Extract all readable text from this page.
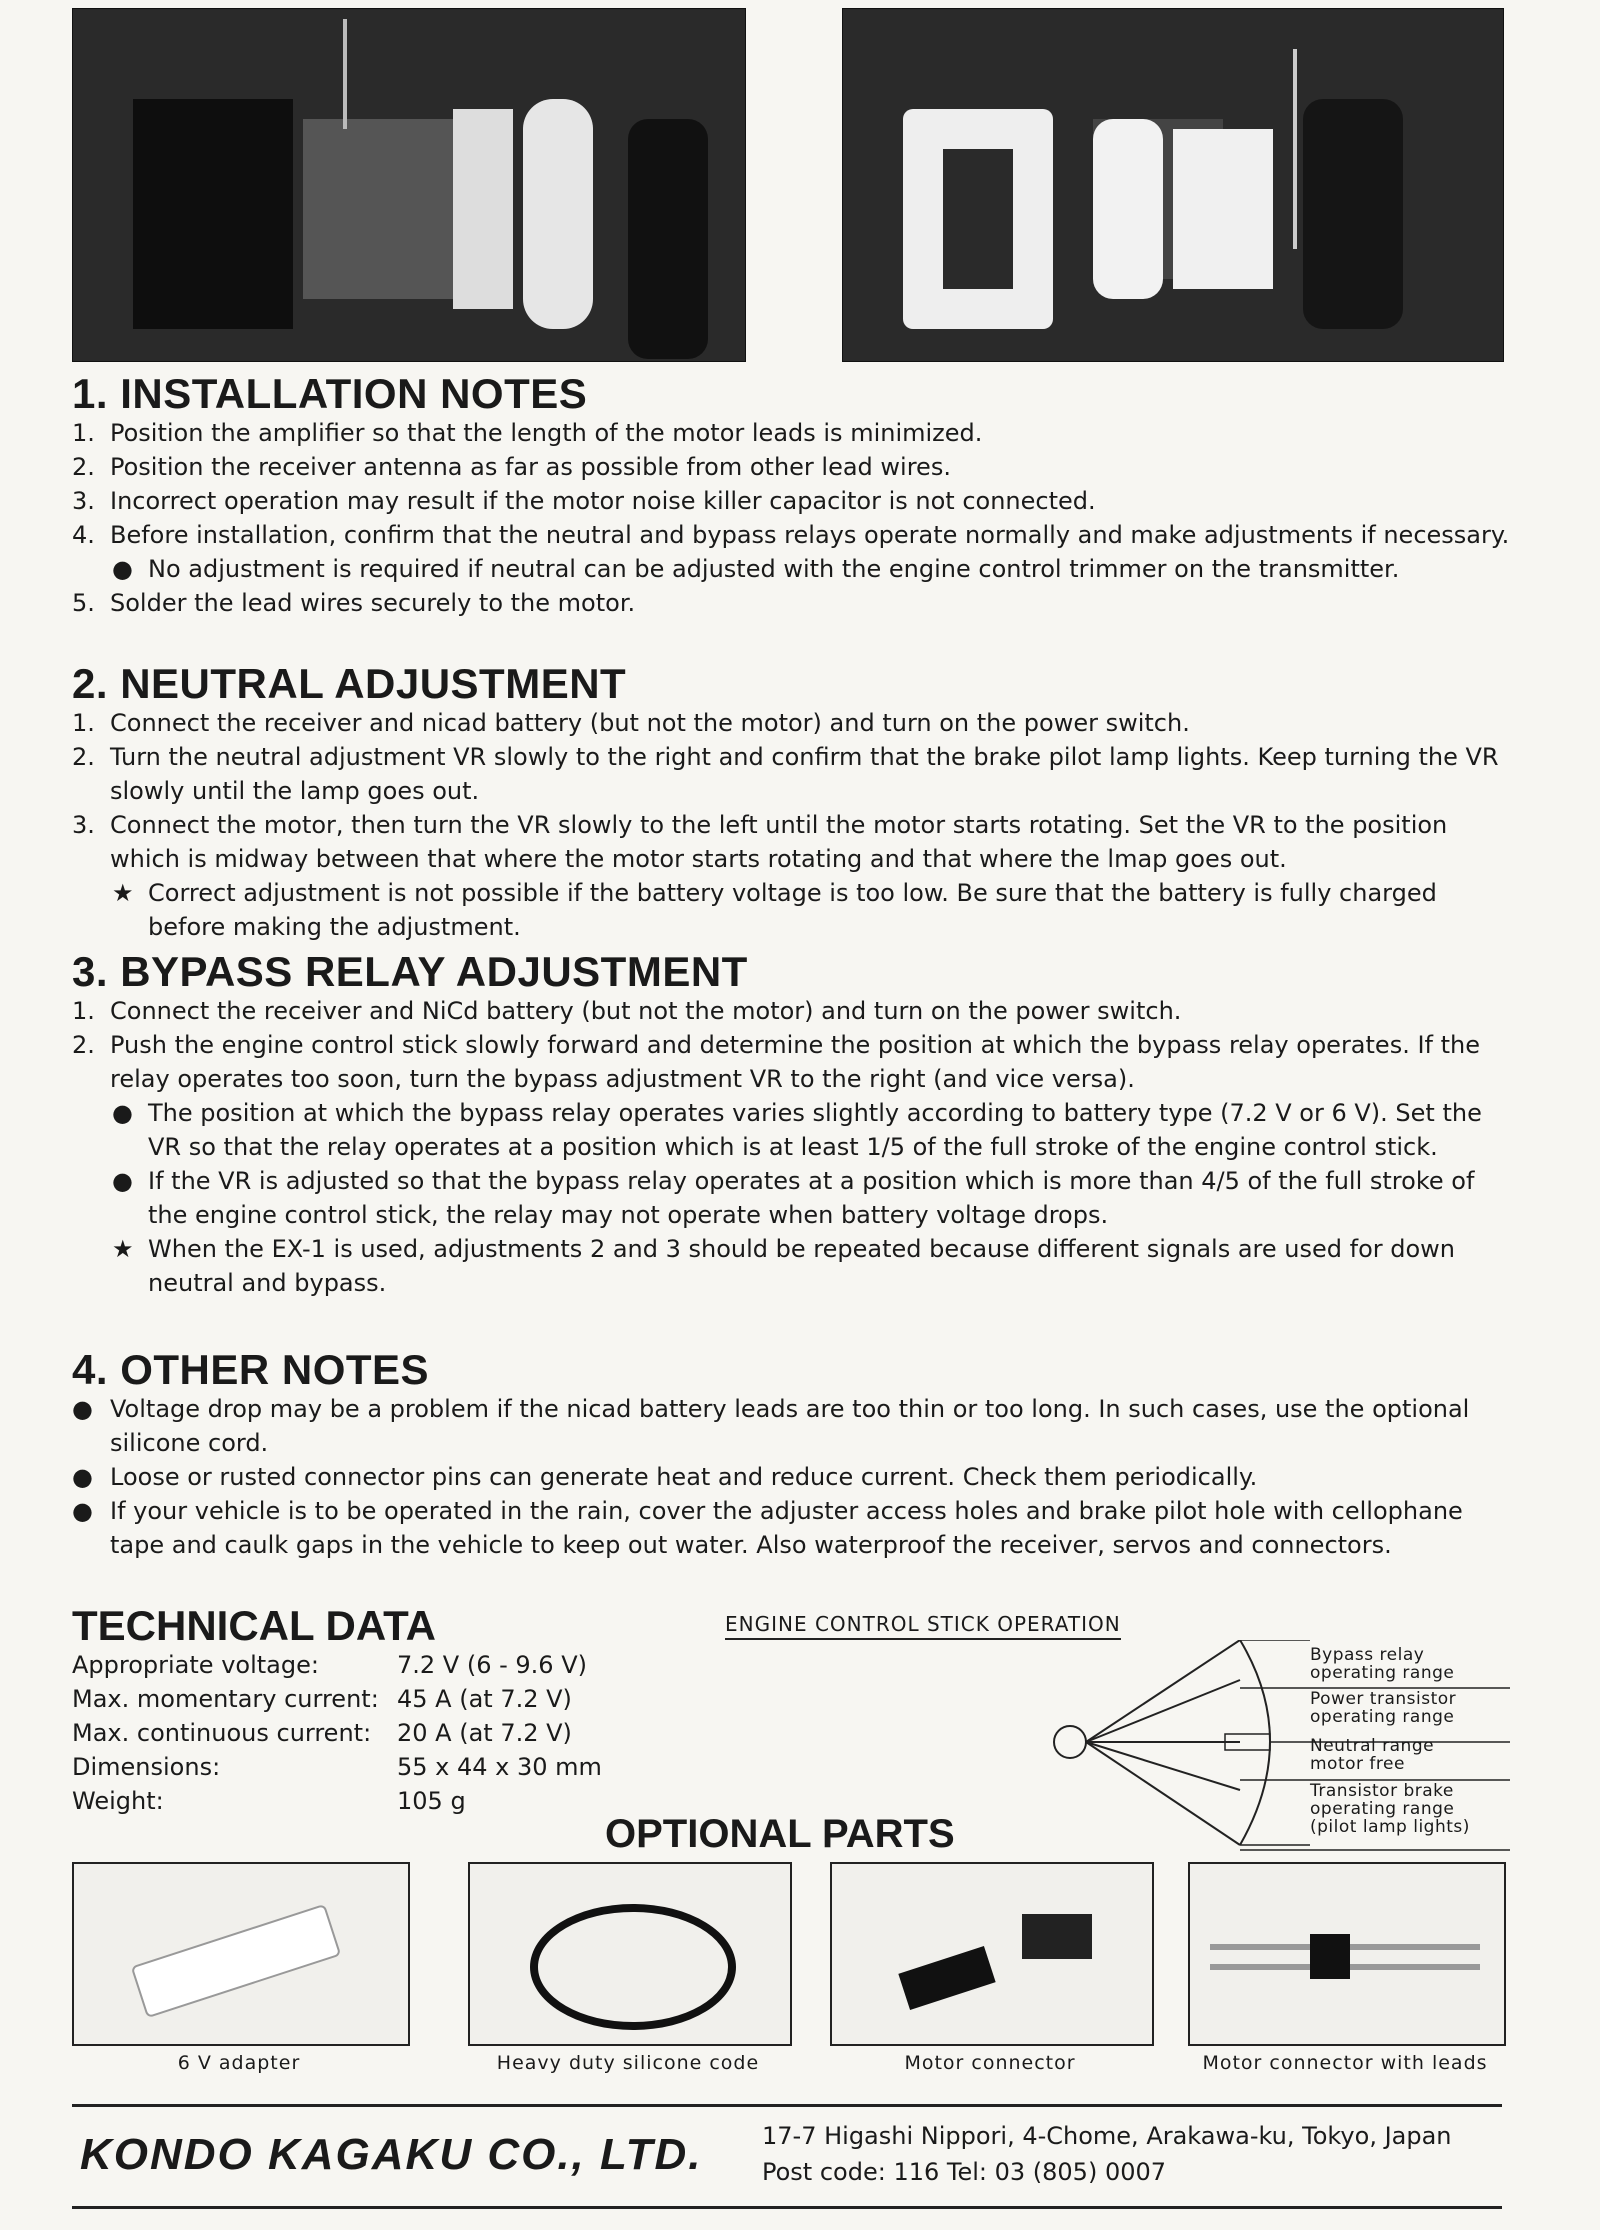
1. INSTALLATION NOTES
1. Position the amplifier so that the length of the motor leads is minimized.
2. Position the receiver antenna as far as possible from other lead wires.
3. Incorrect operation may result if the motor noise killer capacitor is not connected.
4. Before installation, confirm that the neutral and bypass relays operate normally and make adjustments if necessary.
● No adjustment is required if neutral can be adjusted with the engine control trimmer on the transmitter.
5. Solder the lead wires securely to the motor.
2. NEUTRAL ADJUSTMENT
1. Connect the receiver and nicad battery (but not the motor) and turn on the power switch.
2. Turn the neutral adjustment VR slowly to the right and confirm that the brake pilot lamp lights. Keep turning the VR slowly until the lamp goes out.
3. Connect the motor, then turn the VR slowly to the left until the motor starts rotating. Set the VR to the position which is midway between that where the motor starts rotating and that where the lmap goes out.
★ Correct adjustment is not possible if the battery voltage is too low. Be sure that the battery is fully charged before making the adjustment.
3. BYPASS RELAY ADJUSTMENT
1. Connect the receiver and NiCd battery (but not the motor) and turn on the power switch.
2. Push the engine control stick slowly forward and determine the position at which the bypass relay operates. If the relay operates too soon, turn the bypass adjustment VR to the right (and vice versa).
● The position at which the bypass relay operates varies slightly according to battery type (7.2 V or 6 V). Set the VR so that the relay operates at a position which is at least 1/5 of the full stroke of the engine control stick.
● If the VR is adjusted so that the bypass relay operates at a position which is more than 4/5 of the full stroke of the engine control stick, the relay may not operate when battery voltage drops.
★ When the EX-1 is used, adjustments 2 and 3 should be repeated because different signals are used for down neutral and bypass.
4. OTHER NOTES
● Voltage drop may be a problem if the nicad battery leads are too thin or too long. In such cases, use the optional silicone cord.
● Loose or rusted connector pins can generate heat and reduce current. Check them periodically.
● If your vehicle is to be operated in the rain, cover the adjuster access holes and brake pilot hole with cellophane tape and caulk gaps in the vehicle to keep out water. Also waterproof the receiver, servos and connectors.
TECHNICAL DATA
Appropriate voltage:	7.2 V (6 - 9.6 V)
Max. momentary current: 45 A (at 7.2 V)
Max. continuous current:	20 A (at 7.2 V)
Dimensions:	55 x 44 x 30 mm
Weight:	105 g
ENGINE CONTROL STICK OPERATION
Bypass relay
operating range
Power transistor
operating range
Neutral range
motor free
Transistor brake
operating range
(pilot lamp lights)
OPTIONAL PARTS
6 V adapter	Heavy duty silicone code	Motor connector	Motor connector with leads
KONDO KAGAKU CO., LTD. 17-7 Higashi Nippori, 4-Chome, Arakawa-ku, Tokyo, Japan
Post code: 116 Tel: 03 (805) 0007
